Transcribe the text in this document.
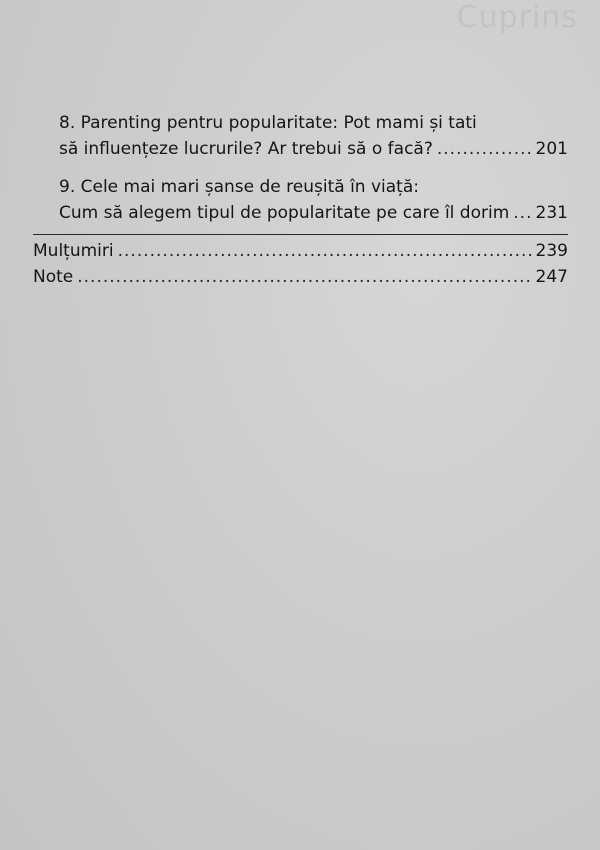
Cuprins
8. Parenting pentru popularitate: Pot mami și tati
să influențeze lucrurile? Ar trebui să o facă? .....	201
9. Cele mai mari șanse de reușită în viață:
Cum să alegem tipul de popularitate pe care îl dorim ..... 231
Mulțumiri .....	239
Note .....	247
